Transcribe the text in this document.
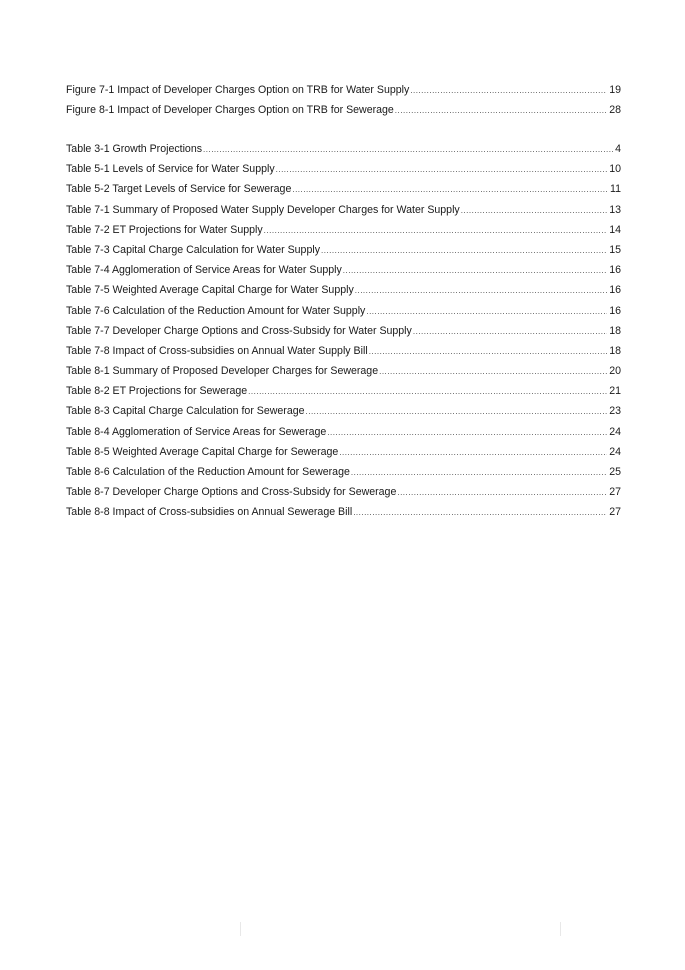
Figure 7-1 Impact of Developer Charges Option on TRB for Water Supply .....	19
Figure 8-1 Impact of Developer Charges Option on TRB for Sewerage .....	28
Table 3-1 Growth Projections .....	4
Table 5-1 Levels of Service for Water Supply .....	10
Table 5-2 Target Levels of Service for Sewerage .....	11
Table 7-1 Summary of Proposed Water Supply Developer Charges for Water Supply .....	13
Table 7-2 ET Projections for Water Supply .....	14
Table 7-3 Capital Charge Calculation for Water Supply .....	15
Table 7-4 Agglomeration of Service Areas for Water Supply .....	16
Table 7-5 Weighted Average Capital Charge for Water Supply .....	16
Table 7-6 Calculation of the Reduction Amount for Water Supply .....	16
Table 7-7 Developer Charge Options and Cross-Subsidy for Water Supply .....	18
Table 7-8 Impact of Cross-subsidies on Annual Water Supply Bill .....	18
Table 8-1 Summary of Proposed Developer Charges for Sewerage .....	20
Table 8-2 ET Projections for Sewerage .....	21
Table 8-3 Capital Charge Calculation for Sewerage .....	23
Table 8-4 Agglomeration of Service Areas for Sewerage .....	24
Table 8-5 Weighted Average Capital Charge for Sewerage .....	24
Table 8-6 Calculation of the Reduction Amount for Sewerage .....	25
Table 8-7 Developer Charge Options and Cross-Subsidy for Sewerage .....	27
Table 8-8 Impact of Cross-subsidies on Annual Sewerage Bill .....	27
